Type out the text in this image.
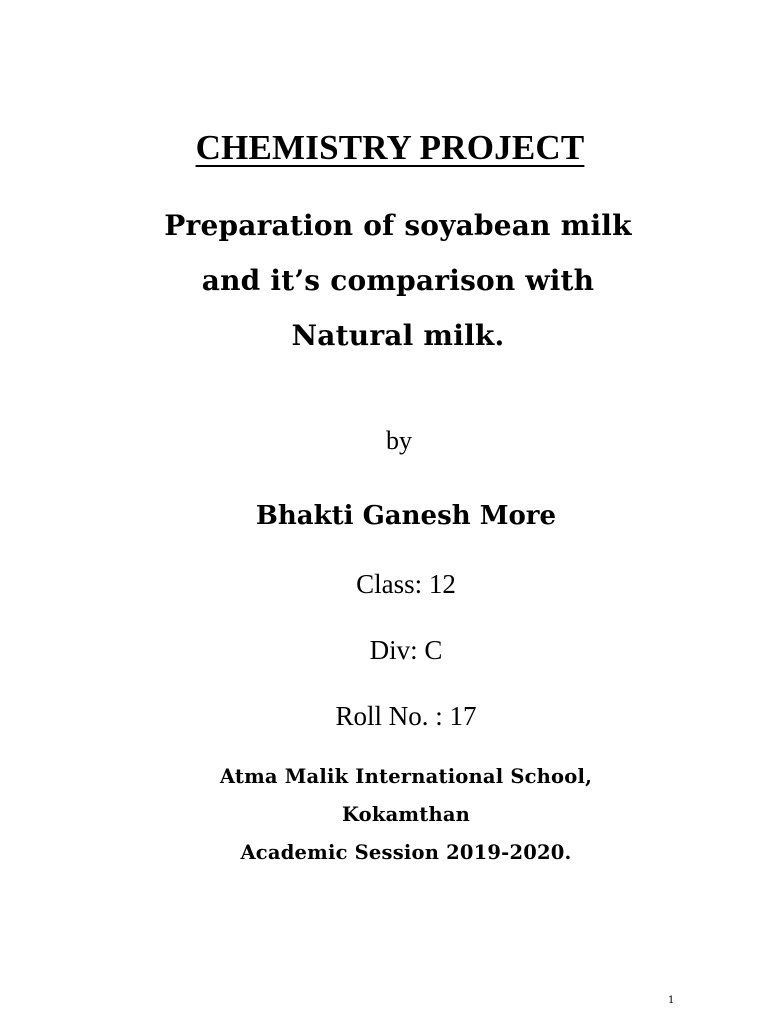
CHEMISTRY PROJECT
Preparation of soyabean milk
and it’s comparison with
Natural milk.
by
Bhakti Ganesh More
Class: 12
Div: C
Roll No. : 17
Atma Malik International School,
Kokamthan
Academic Session 2019-2020.
1
